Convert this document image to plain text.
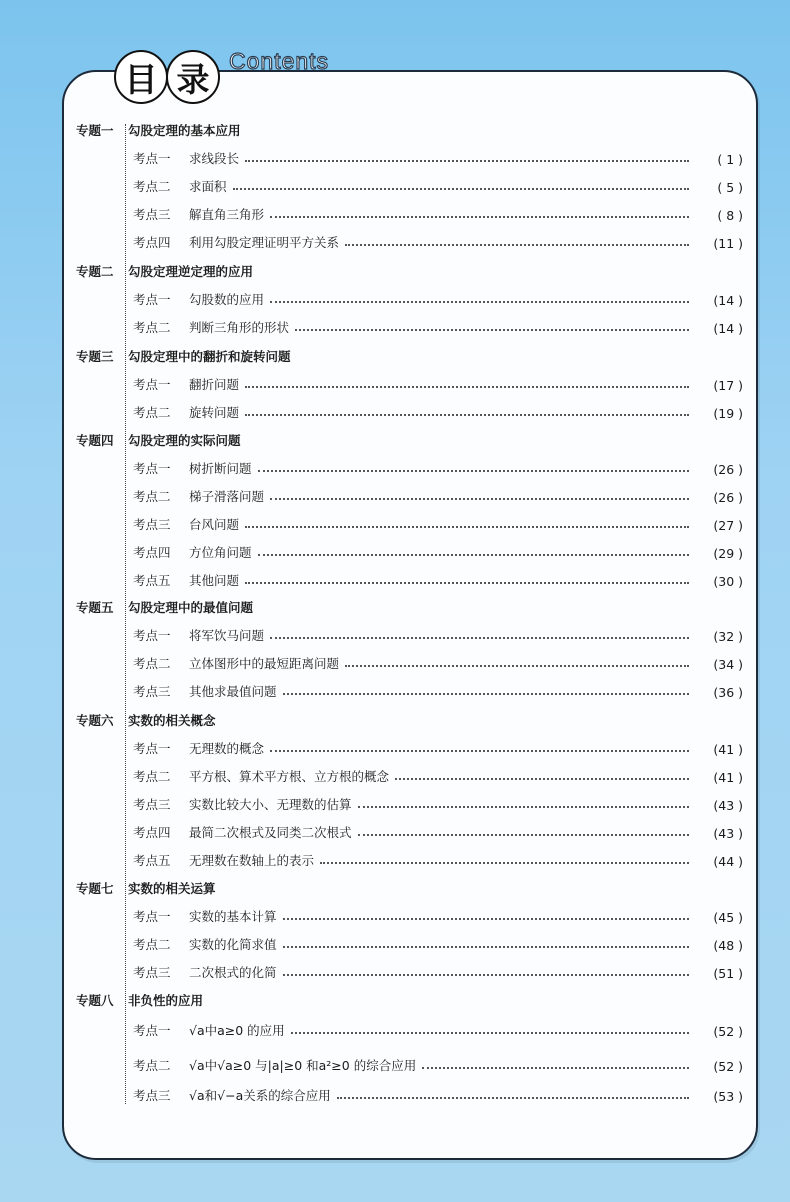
目 录 Contents
专题一 勾股定理的基本应用
考点一	求线段长	( 1 )
考点二	求面积	( 5 )
考点三	解直角三角形	( 8 )
考点四	利用勾股定理证明平方关系	(11 )
专题二 勾股定理逆定理的应用
考点一	勾股数的应用	(14 )
考点二	判断三角形的形状	(14 )
专题三 勾股定理中的翻折和旋转问题
考点一	翻折问题	(17 )
考点二	旋转问题	(19 )
专题四 勾股定理的实际问题
考点一	树折断问题	(26 )
考点二	梯子滑落问题	(26 )
考点三	台风问题	(27 )
考点四	方位角问题	(29 )
考点五	其他问题	(30 )
专题五 勾股定理中的最值问题
考点一	将军饮马问题	(32 )
考点二	立体图形中的最短距离问题	(34 )
考点三	其他求最值问题	(36 )
专题六 实数的相关概念
考点一	无理数的概念	(41 )
考点二	平方根、算术平方根、立方根的概念	(41 )
考点三	实数比较大小、无理数的估算	(43 )
考点四	最简二次根式及同类二次根式	(43 )
考点五	无理数在数轴上的表示	(44 )
专题七 实数的相关运算
考点一	实数的基本计算	(45 )
考点二	实数的化简求值	(48 )
考点三	二次根式的化简	(51 )
专题八 非负性的应用
考点一	√a中a≥0 的应用	(52 )
考点二	√a中√a≥0 与|a|≥0 和a²≥0 的综合应用	(52 )
考点三	√a和√−a关系的综合应用	(53 )
